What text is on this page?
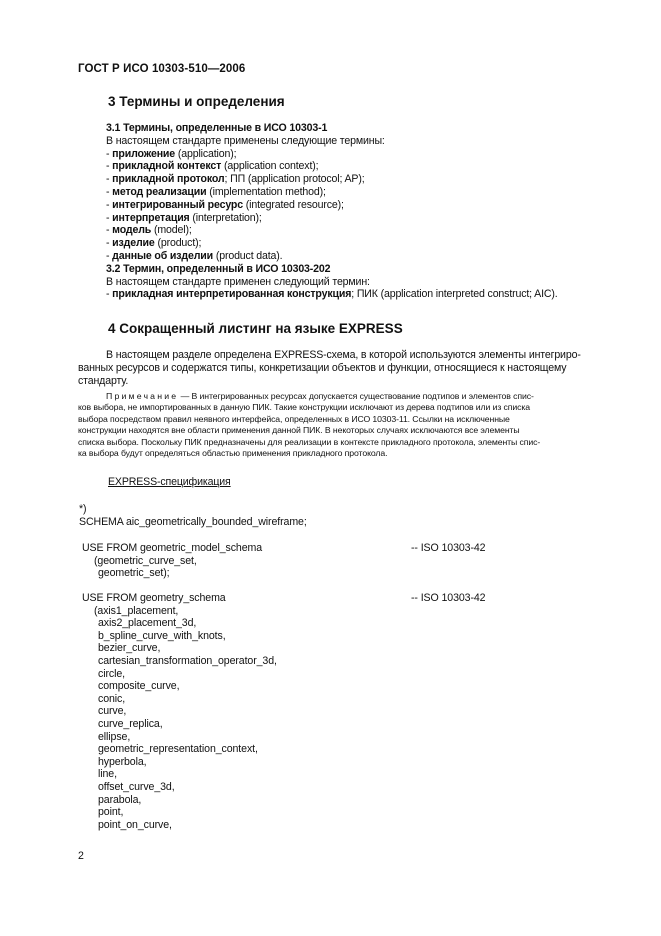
ГОСТ Р ИСО 10303-510—2006
3 Термины и определения
3.1 Термины, определенные в ИСО 10303-1
В настоящем стандарте применены следующие термины:
- приложение (application);
- прикладной контекст (application context);
- прикладной протокол; ПП (application protocol; AP);
- метод реализации (implementation method);
- интегрированный ресурс (integrated resource);
- интерпретация (interpretation);
- модель (model);
- изделие (product);
- данные об изделии (product data).
3.2 Термин, определенный в ИСО 10303-202
В настоящем стандарте применен следующий термин:
- прикладная интерпретированная конструкция; ПИК (application interpreted construct; AIC).
4 Сокращенный листинг на языке EXPRESS
В настоящем разделе определена EXPRESS-схема, в которой используются элементы интегриро-
ванных ресурсов и содержатся типы, конкретизации объектов и функции, относящиеся к настоящему
стандарту.
Примечание — В интегрированных ресурсах допускается существование подтипов и элементов спис-
ков выбора, не импортированных в данную ПИК. Такие конструкции исключают из дерева подтипов или из списка
выбора посредством правил неявного интерфейса, определенных в ИСО 10303-11. Ссылки на исключенные
конструкции находятся вне области применения данной ПИК. В некоторых случаях исключаются все элементы
списка выбора. Поскольку ПИК предназначены для реализации в контексте прикладного протокола, элементы спис-
ка выбора будут определяться областью применения прикладного протокола.
EXPRESS-спецификация
*)
SCHEMA aic_geometrically_bounded_wireframe;
USE FROM geometric_model_schema
(geometric_curve_set,
geometric_set);
-- ISO 10303-42
USE FROM geometry_schema
(axis1_placement,
axis2_placement_3d,
b_spline_curve_with_knots,
bezier_curve,
cartesian_transformation_operator_3d,
circle,
composite_curve,
conic,
curve,
curve_replica,
ellipse,
geometric_representation_context,
hyperbola,
line,
offset_curve_3d,
parabola,
point,
point_on_curve,
-- ISO 10303-42
2
